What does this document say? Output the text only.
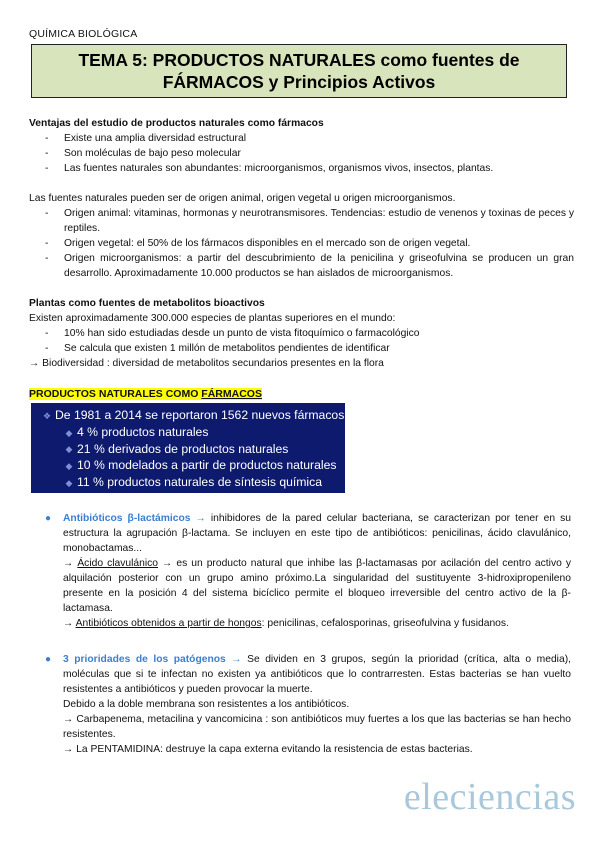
QUÍMICA BIOLÓGICA
TEMA 5: PRODUCTOS NATURALES como fuentes de
FÁRMACOS y Principios Activos

Ventajas del estudio de productos naturales como fármacos

- Existe una amplia diversidad estructural
- Son moléculas de bajo peso molecular
- Las fuentes naturales son abundantes: microorganismos, organismos vivos, insectos, plantas.

Las fuentes naturales pueden ser de origen animal, origen vegetal u origen microorganismos.

- Origen animal: vitaminas, hormonas y neurotransmisores. Tendencias: estudio de venenos y toxinas de peces y reptiles.
- Origen vegetal: el 50% de los fármacos disponibles en el mercado son de origen vegetal.
- Origen microorganismos: a partir del descubrimiento de la penicilina y griseofulvina se producen un gran desarrollo. Aproximadamente 10.000 productos se han aislados de microorganismos.

Plantas como fuentes de metabolitos bioactivos

Existen aproximadamente 300.000 especies de plantas superiores en el mundo:

- 10% han sido estudiadas desde un punto de vista fitoquímico o farmacológico
- Se calcula que existen 1 millón de metabolitos pendientes de identificar

→ Biodiversidad : diversidad de metabolitos secundarios presentes en la flora

PRODUCTOS NATURALES COMO FÁRMACOS
❖ De 1981 a 2014 se reportaron 1562 nuevos fármacos
◆ 4 % productos naturales
◆ 21 % derivados de productos naturales
◆ 10 % modelados a partir de productos naturales
◆ 11 % productos naturales de síntesis química
● Antibióticos β-lactámicos → inhibidores de la pared celular bacteriana, se caracterizan por tener en su estructura la agrupación β-lactama. Se incluyen en este tipo de antibióticos: penicilinas, ácido clavulánico, monobactamas...

→ Ácido clavulánico → es un producto natural que inhibe las β-lactamasas por acilación del centro activo y alquilación posterior con un grupo amino próximo.La singularidad del sustituyente 3-hidroxipropenileno presente en la posición 4 del sistema bicíclico permite el bloqueo irreversible del centro activo de la β-lactamasa.

→ Antibióticos obtenidos a partir de hongos: penicilinas, cefalosporinas, griseofulvina y fusidanos.

● 3 prioridades de los patógenos → Se dividen en 3 grupos, según la prioridad (crítica, alta o media), moléculas que si te infectan no existen ya antibióticos que lo contrarresten. Estas bacterias se han vuelto resistentes a antibióticos y pueden provocar la muerte.

Debido a la doble membrana son resistentes a los antibióticos.

→ Carbapenema, metacilina y vancomicina : son antibióticos muy fuertes a los que las bacterias se han hecho resistentes.

→ La PENTAMIDINA: destruye la capa externa evitando la resistencia de estas bacterias.

eleciencias
